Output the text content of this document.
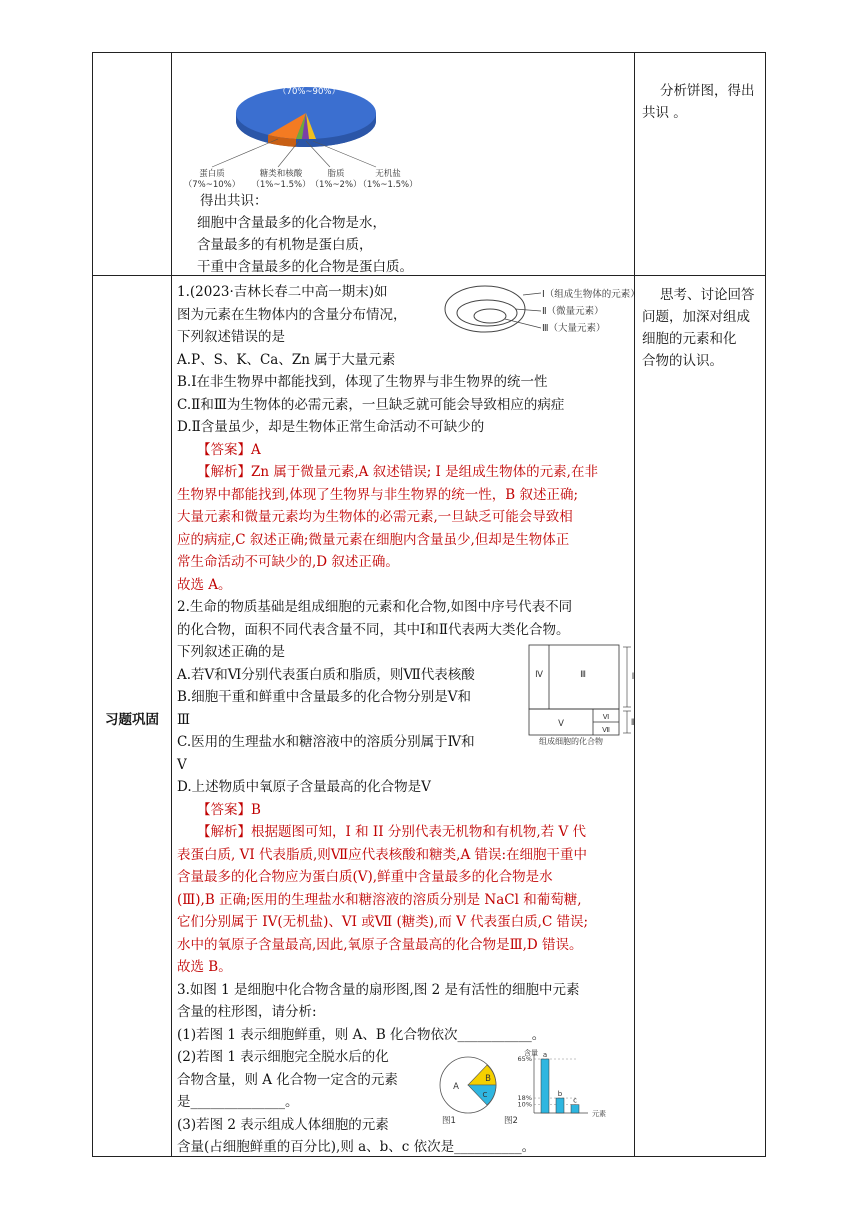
水
（70%~90%）
蛋白质
（7%~10%）
糖类和核酸
（1%~1.5%）
脂质
（1%~2%）
无机盐
（1%~1.5%）
得出共识：
细胞中含量最多的化合物是水，
含量最多的有机物是蛋白质，
干重中含量最多的化合物是蛋白质。
分析饼图，得出
共识 。
习题巩固
思考、讨论回答
问题，加深对组成
细胞的元素和化
合物的认识。
1.(2023·吉林长春二中高一期末)如
图为元素在生物体内的含量分布情况，
下列叙述错误的是
A.P、S、K、Ca、Zn 属于大量元素
B.Ⅰ在非生物界中都能找到，体现了生物界与非生物界的统一性
C.Ⅱ和Ⅲ为生物体的必需元素，一旦缺乏就可能会导致相应的病症
D.Ⅱ含量虽少，却是生物体正常生命活动不可缺少的
Ⅰ（组成生物体的元素）
Ⅱ（微量元素）
Ⅲ（大量元素）
【答案】A
【解析】Zn 属于微量元素,A 叙述错误; I 是组成生物体的元素,在非
生物界中都能找到,体现了生物界与非生物界的统一性，B 叙述正确;
大量元素和微量元素均为生物体的必需元素,一旦缺乏可能会导致相
应的病症,C 叙述正确;微量元素在细胞内含量虽少,但却是生物体正
常生命活动不可缺少的,D 叙述正确。
故选 A。
2.生命的物质基础是组成细胞的元素和化合物,如图中序号代表不同
的化合物，面积不同代表含量不同，其中Ⅰ和Ⅱ代表两大类化合物。
下列叙述正确的是
A.若Ⅴ和Ⅵ分别代表蛋白质和脂质，则Ⅶ代表核酸
B.细胞干重和鲜重中含量最多的化合物分别是Ⅴ和
Ⅲ
C.医用的生理盐水和糖溶液中的溶质分别属于Ⅳ和
Ⅴ
D.上述物质中氧原子含量最高的化合物是Ⅴ
Ⅳ	Ⅲ	Ⅰ
Ⅴ
Ⅵ
Ⅶ
Ⅱ
组成细胞的化合物
【答案】B
【解析】根据题图可知，I 和 II 分别代表无机物和有机物,若 V 代
表蛋白质, VI 代表脂质,则Ⅶ应代表核酸和糖类,A 错误:在细胞干重中
含量最多的化合物应为蛋白质(Ⅴ),鲜重中含量最多的化合物是水
(Ⅲ),B 正确;医用的生理盐水和糖溶液的溶质分别是 NaCl 和葡萄糖,
它们分别属于 IV(无机盐)、VI 或Ⅶ (糖类),而 V 代表蛋白质,C 错误;
水中的氧原子含量最高,因此,氧原子含量最高的化合物是Ⅲ,D 错误。
故选 B。
3.如图 1 是细胞中化合物含量的扇形图,图 2 是有活性的细胞中元素
含量的柱形图，请分析:
(1)若图 1 表示细胞鲜重，则 A、B 化合物依次___________。
(2)若图 1 表示细胞完全脱水后的化
合物含量，则 A 化合物一定含的元素
是______________。
(3)若图 2 表示组成人体细胞的元素
含量(占细胞鲜重的百分比),则 a、b、c 依次是__________。
A
B
C
图1
含量
元素
图2
65%
18%
10%
a
b
c
